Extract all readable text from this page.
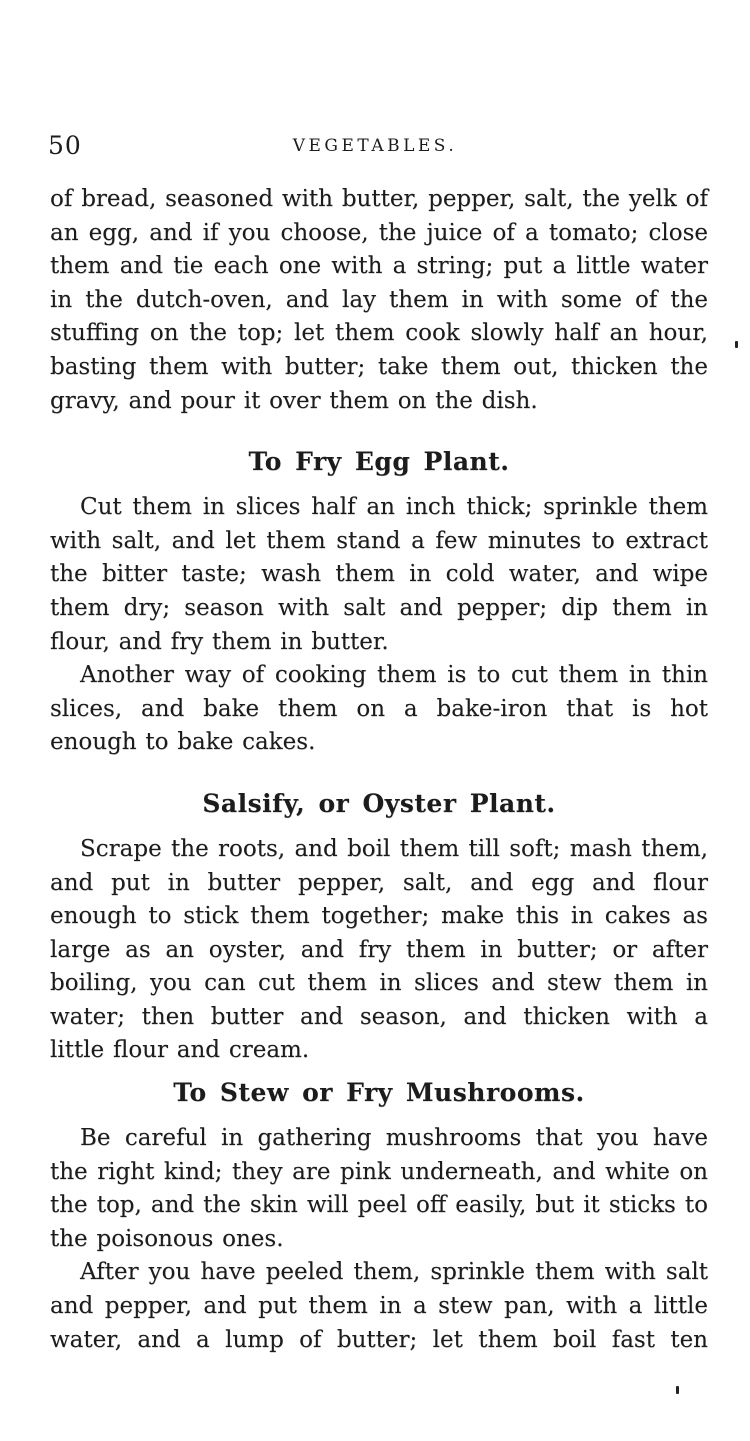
50	VEGETABLES.

of bread, seasoned with butter, pepper, salt, the yelk of an egg, and if you choose, the juice of a tomato; close them and tie each one with a string; put a little water in the dutch-oven, and lay them in with some of the stuffing on the top; let them cook slowly half an hour, basting them with butter; take them out, thicken the gravy, and pour it over them on the dish.

To Fry Egg Plant.

Cut them in slices half an inch thick; sprinkle them with salt, and let them stand a few minutes to extract the bitter taste; wash them in cold water, and wipe them dry; season with salt and pepper; dip them in flour, and fry them in butter.

Another way of cooking them is to cut them in thin slices, and bake them on a bake-iron that is hot enough to bake cakes.

Salsify, or Oyster Plant.

Scrape the roots, and boil them till soft; mash them, and put in butter pepper, salt, and egg and flour enough to stick them together; make this in cakes as large as an oyster, and fry them in butter; or after boiling, you can cut them in slices and stew them in water; then butter and season, and thicken with a little flour and cream.

To Stew or Fry Mushrooms.

Be careful in gathering mushrooms that you have the right kind; they are pink underneath, and white on the top, and the skin will peel off easily, but it sticks to the poisonous ones.

After you have peeled them, sprinkle them with salt and pepper, and put them in a stew pan, with a little water, and a lump of butter; let them boil fast ten
